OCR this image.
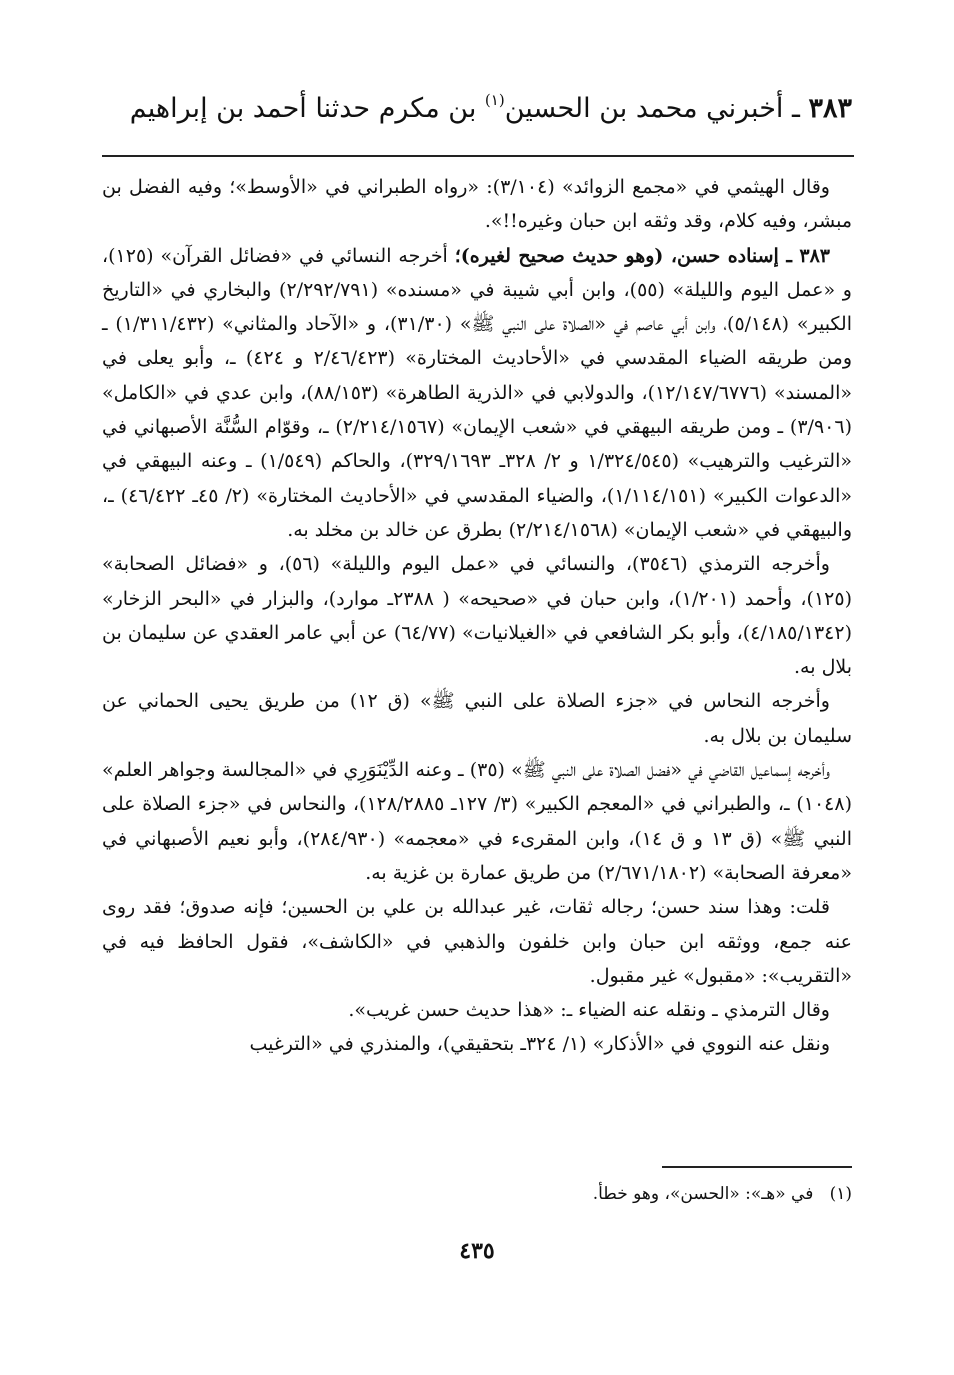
٣٨٣ ـ أخبرني محمد بن الحسين$^{(١)}$ بن مكرم حدثنا أحمد بن إبراهيم

وقال الهيثمي في «مجمع الزوائد» (٣/١٠٤): «رواه الطبراني في «الأوسط»؛ وفيه الفضل بن مبشر، وفيه كلام، وقد وثقه ابن حبان وغيره!!».

٣٨٣ ـ إسناده حسن، (وهو حديث صحيح لغيره)؛ أخرجه النسائي في «فضائل القرآن» (١٢٥)، و «عمل اليوم والليلة» (٥٥)، وابن أبي شيبة في «مسنده» (٢/٢٩٢/٧٩١) والبخاري في «التاريخ الكبير» (٥/١٤٨)، وابن أبي عاصم في «الصلاة على النبي ﷺ» (٣١/٣٠)، و «الآحاد والمثاني» (١/٣١١/٤٣٢) ـ ومن طريقه الضياء المقدسي في «الأحاديث المختارة» (٢/٤٦/٤٢٣ و ٤٢٤) ـ، وأبو يعلى في «المسند» (١٢/١٤٧/٦٧٧٦)، والدولابي في «الذرية الطاهرة» (٨٨/١٥٣)، وابن عدي في «الكامل» (٣/٩٠٦) ـ ومن طريقه البيهقي في «شعب الإيمان» (٢/٢١٤/١٥٦٧) ـ، وقوّام السُّنَّة الأصبهاني في «الترغيب والترهيب» (١/٣٢٤/٥٤٥ و ٢/ ٣٢٨ـ ٣٢٩/١٦٩٣)، والحاكم (١/٥٤٩) ـ وعنه البيهقي في «الدعوات الكبير» (١/١١٤/١٥١)، والضياء المقدسي في «الأحاديث المختارة» (٢/ ٤٥ـ ٤٦/٤٢٢) ـ، والبيهقي في «شعب الإيمان» (٢/٢١٤/١٥٦٨) بطرق عن خالد بن مخلد به.

وأخرجه الترمذي (٣٥٤٦)، والنسائي في «عمل اليوم والليلة» (٥٦)، و «فضائل الصحابة» (١٢٥)، وأحمد (١/٢٠١)، وابن حبان في «صحيحه» ( ٢٣٨٨ـ موارد)، والبزار في «البحر الزخار» (٤/١٨٥/١٣٤٢)، وأبو بكر الشافعي في «الغيلانيات» (٦٤/٧٧) عن أبي عامر العقدي عن سليمان بن بلال به.

وأخرجه النحاس في «جزء الصلاة على النبي ﷺ» (ق ١٢) من طريق يحيى الحماني عن سليمان بن بلال به.

وأخرجه إسماعيل القاضي في «فضل الصلاة على النبي ﷺ» (٣٥) ـ وعنه الدِّيْنَوَرِي في «المجالسة وجواهر العلم» (١٠٤٨) ـ، والطبراني في «المعجم الكبير» (٣/ ١٢٧ـ ١٢٨/٢٨٨٥)، والنحاس في «جزء الصلاة على النبي ﷺ» (ق ١٣ و ق ١٤)، وابن المقرىء في «معجمه» (٢٨٤/٩٣٠)، وأبو نعيم الأصبهاني في «معرفة الصحابة» (٢/٦٧١/١٨٠٢) من طريق عمارة بن غزية به.

قلت: وهذا سند حسن؛ رجاله ثقات، غير عبدالله بن علي بن الحسين؛ فإنه صدوق؛ فقد روى عنه جمع، ووثقه ابن حبان وابن خلفون والذهبي في «الكاشف»، فقول الحافظ فيه في «التقريب»: «مقبول» غير مقبول.

وقال الترمذي ـ ونقله عنه الضياء ـ: «هذا حديث حسن غريب».

ونقل عنه النووي في «الأذكار» (١/ ٣٢٤ـ بتحقيقي)، والمنذري في «الترغيب

(١)   في «هـ»: «الحسن»، وهو خطأ.
٤٣٥
